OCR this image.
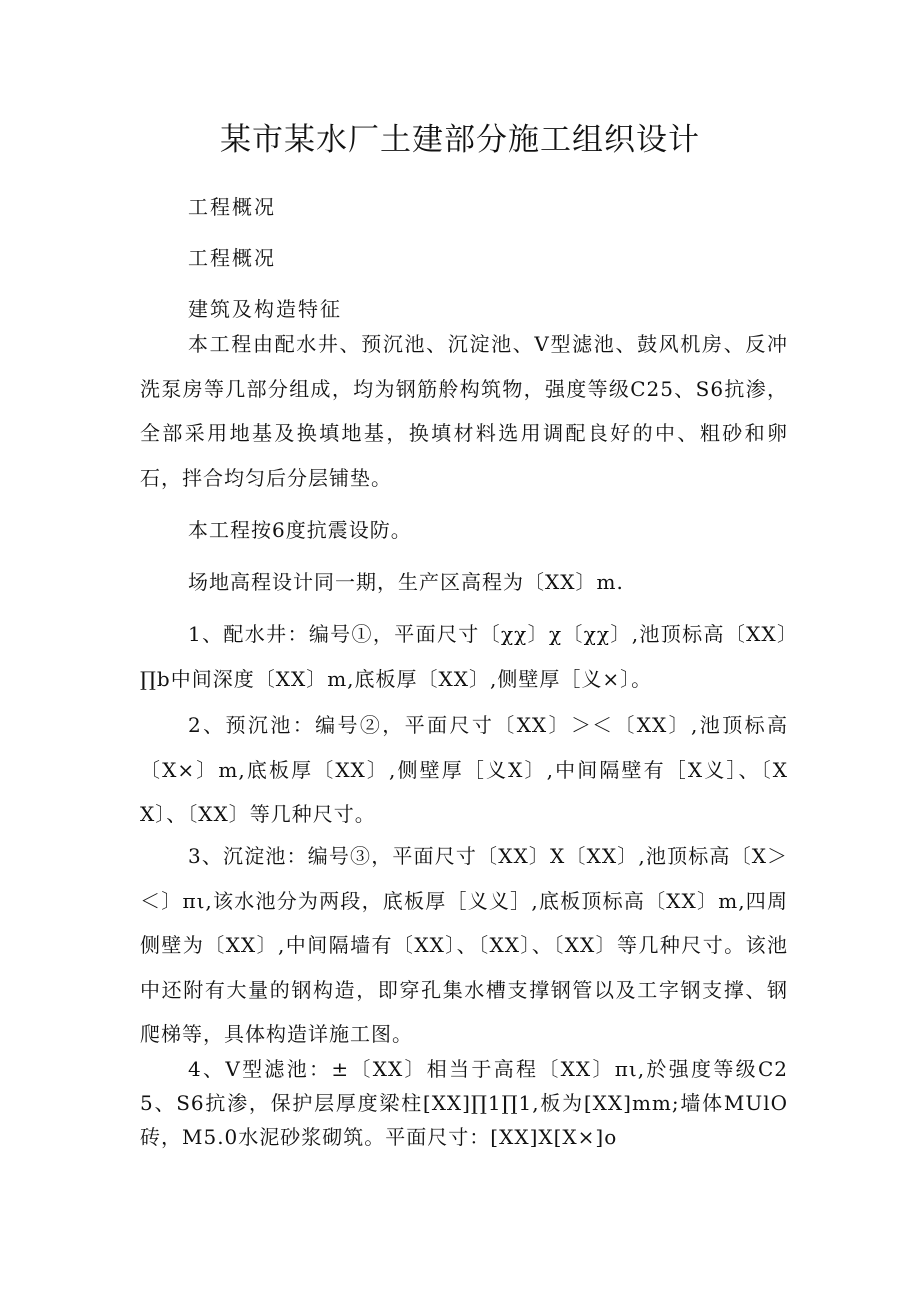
某市某水厂土建部分施工组织设计
工程概况
工程概况
建筑及构造特征

本工程由配水井、预沉池、沉淀池、V型滤池、鼓风机房、反冲洗泵房等几部分组成，均为钢筋舲构筑物，强度等级C25、S6抗渗，全部采用地基及换填地基，换填材料选用调配良好的中、粗砂和卵石，拌合均匀后分层铺垫。

本工程按6度抗震设防。

场地高程设计同一期，生产区高程为〔XX〕m.

1、配水井：编号①，平面尺寸〔χχ〕χ〔χχ〕,池顶标高〔XX〕∏b中间深度〔XX〕m,底板厚〔XX〕,侧壁厚［义×〕。

2、预沉池：编号②，平面尺寸〔XX〕＞＜〔XX〕,池顶标高〔X×〕m,底板厚〔XX〕,侧壁厚［义X〕,中间隔壁有［X义］、〔XX〕、〔XX〕等几种尺寸。

3、沉淀池：编号③，平面尺寸〔XX〕X〔XX〕,池顶标高〔X＞＜〕πι,该水池分为两段，底板厚［义义］,底板顶标高〔XX〕m,四周侧壁为〔XX〕,中间隔墙有〔XX〕、〔XX〕、〔XX〕等几种尺寸。该池中还附有大量的钢构造，即穿孔集水槽支撑钢管以及工字钢支撑、钢爬梯等，具体构造详施工图。

4、V型滤池：±〔XX〕相当于高程〔XX〕πι,於强度等级C25、S6抗渗，保护层厚度梁柱[XX]∏1∏1,板为[XX]mm;墙体MUlO砖，M5.0水泥砂浆砌筑。平面尺寸：[XX]X[X×]o
